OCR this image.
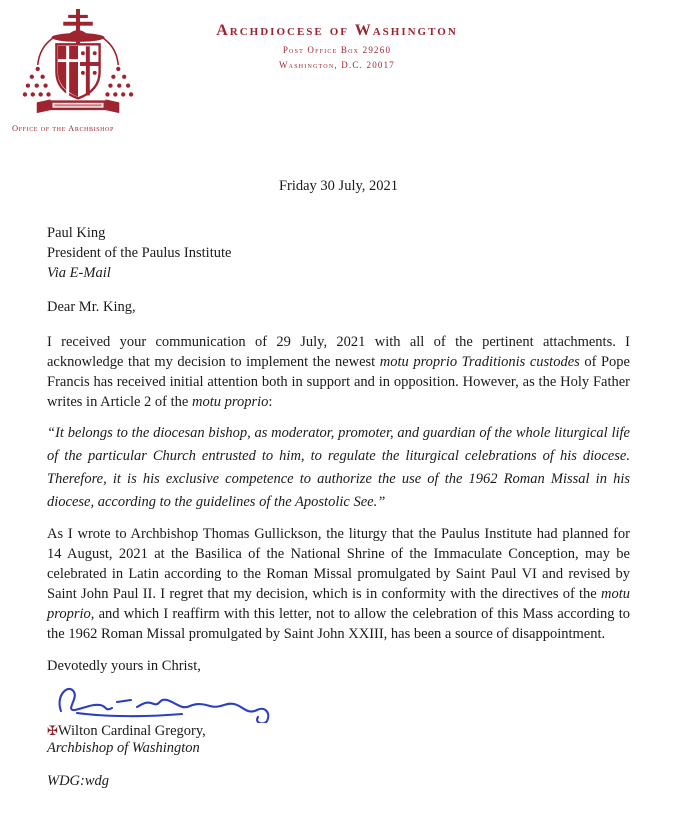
Office of the Archbishop
Archdiocese of Washington
Post Office Box 29260
Washington, D.C. 20017
Friday 30 July, 2021
Paul King
President of the Paulus Institute
Via E-Mail
Dear Mr. King,

I received your communication of 29 July, 2021 with all of the pertinent attachments. I acknowledge that my decision to implement the newest motu proprio Traditionis custodes of Pope Francis has received initial attention both in support and in opposition. However, as the Holy Father writes in Article 2 of the motu proprio:

“It belongs to the diocesan bishop, as moderator, promoter, and guardian of the whole liturgical life of the particular Church entrusted to him, to regulate the liturgical celebrations of his diocese. Therefore, it is his exclusive competence to authorize the use of the 1962 Roman Missal in his diocese, according to the guidelines of the Apostolic See.”

As I wrote to Archbishop Thomas Gullickson, the liturgy that the Paulus Institute had planned for 14 August, 2021 at the Basilica of the National Shrine of the Immaculate Conception, may be celebrated in Latin according to the Roman Missal promulgated by Saint Paul VI and revised by Saint John Paul II. I regret that my decision, which is in conformity with the directives of the motu proprio, and which I reaffirm with this letter, not to allow the celebration of this Mass according to the 1962 Roman Missal promulgated by Saint John XXIII, has been a source of disappointment.

Devotedly yours in Christ,
✠Wilton Cardinal Gregory,
Archbishop of Washington
WDG:wdg
